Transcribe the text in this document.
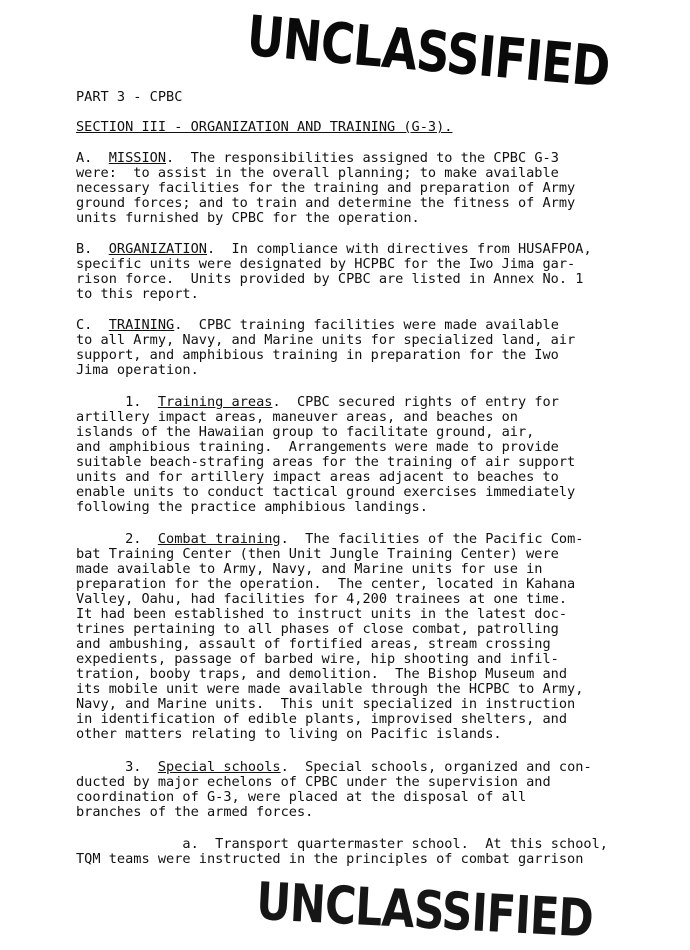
UNCLASSIFIED
PART 3 - CPBC
SECTION III - ORGANIZATION AND TRAINING (G-3).
A. MISSION.  The responsibilities assigned to the CPBC G-3
were:  to assist in the overall planning; to make available
necessary facilities for the training and preparation of Army
ground forces; and to train and determine the fitness of Army
units furnished by CPBC for the operation.
B. ORGANIZATION.  In compliance with directives from HUSAFPOA,
specific units were designated by HCPBC for the Iwo Jima gar-
rison force.  Units provided by CPBC are listed in Annex No. 1
to this report.
C. TRAINING.  CPBC training facilities were made available
to all Army, Navy, and Marine units for specialized land, air
support, and amphibious training in preparation for the Iwo
Jima operation.
1. Training areas.  CPBC secured rights of entry for
artillery impact areas, maneuver areas, and beaches on
islands of the Hawaiian group to facilitate ground, air,
and amphibious training.  Arrangements were made to provide
suitable beach-strafing areas for the training of air support
units and for artillery impact areas adjacent to beaches to
enable units to conduct tactical ground exercises immediately
following the practice amphibious landings.
2. Combat training.  The facilities of the Pacific Com-
bat Training Center (then Unit Jungle Training Center) were
made available to Army, Navy, and Marine units for use in
preparation for the operation.  The center, located in Kahana
Valley, Oahu, had facilities for 4,200 trainees at one time.
It had been established to instruct units in the latest doc-
trines pertaining to all phases of close combat, patrolling
and ambushing, assault of fortified areas, stream crossing
expedients, passage of barbed wire, hip shooting and infil-
tration, booby traps, and demolition.  The Bishop Museum and
its mobile unit were made available through the HCPBC to Army,
Navy, and Marine units.  This unit specialized in instruction
in identification of edible plants, improvised shelters, and
other matters relating to living on Pacific islands.
3. Special schools.  Special schools, organized and con-
ducted by major echelons of CPBC under the supervision and
coordination of G-3, were placed at the disposal of all
branches of the armed forces.
a.  Transport quartermaster school.  At this school,
TQM teams were instructed in the principles of combat garrison
UNCLASSIFIED
